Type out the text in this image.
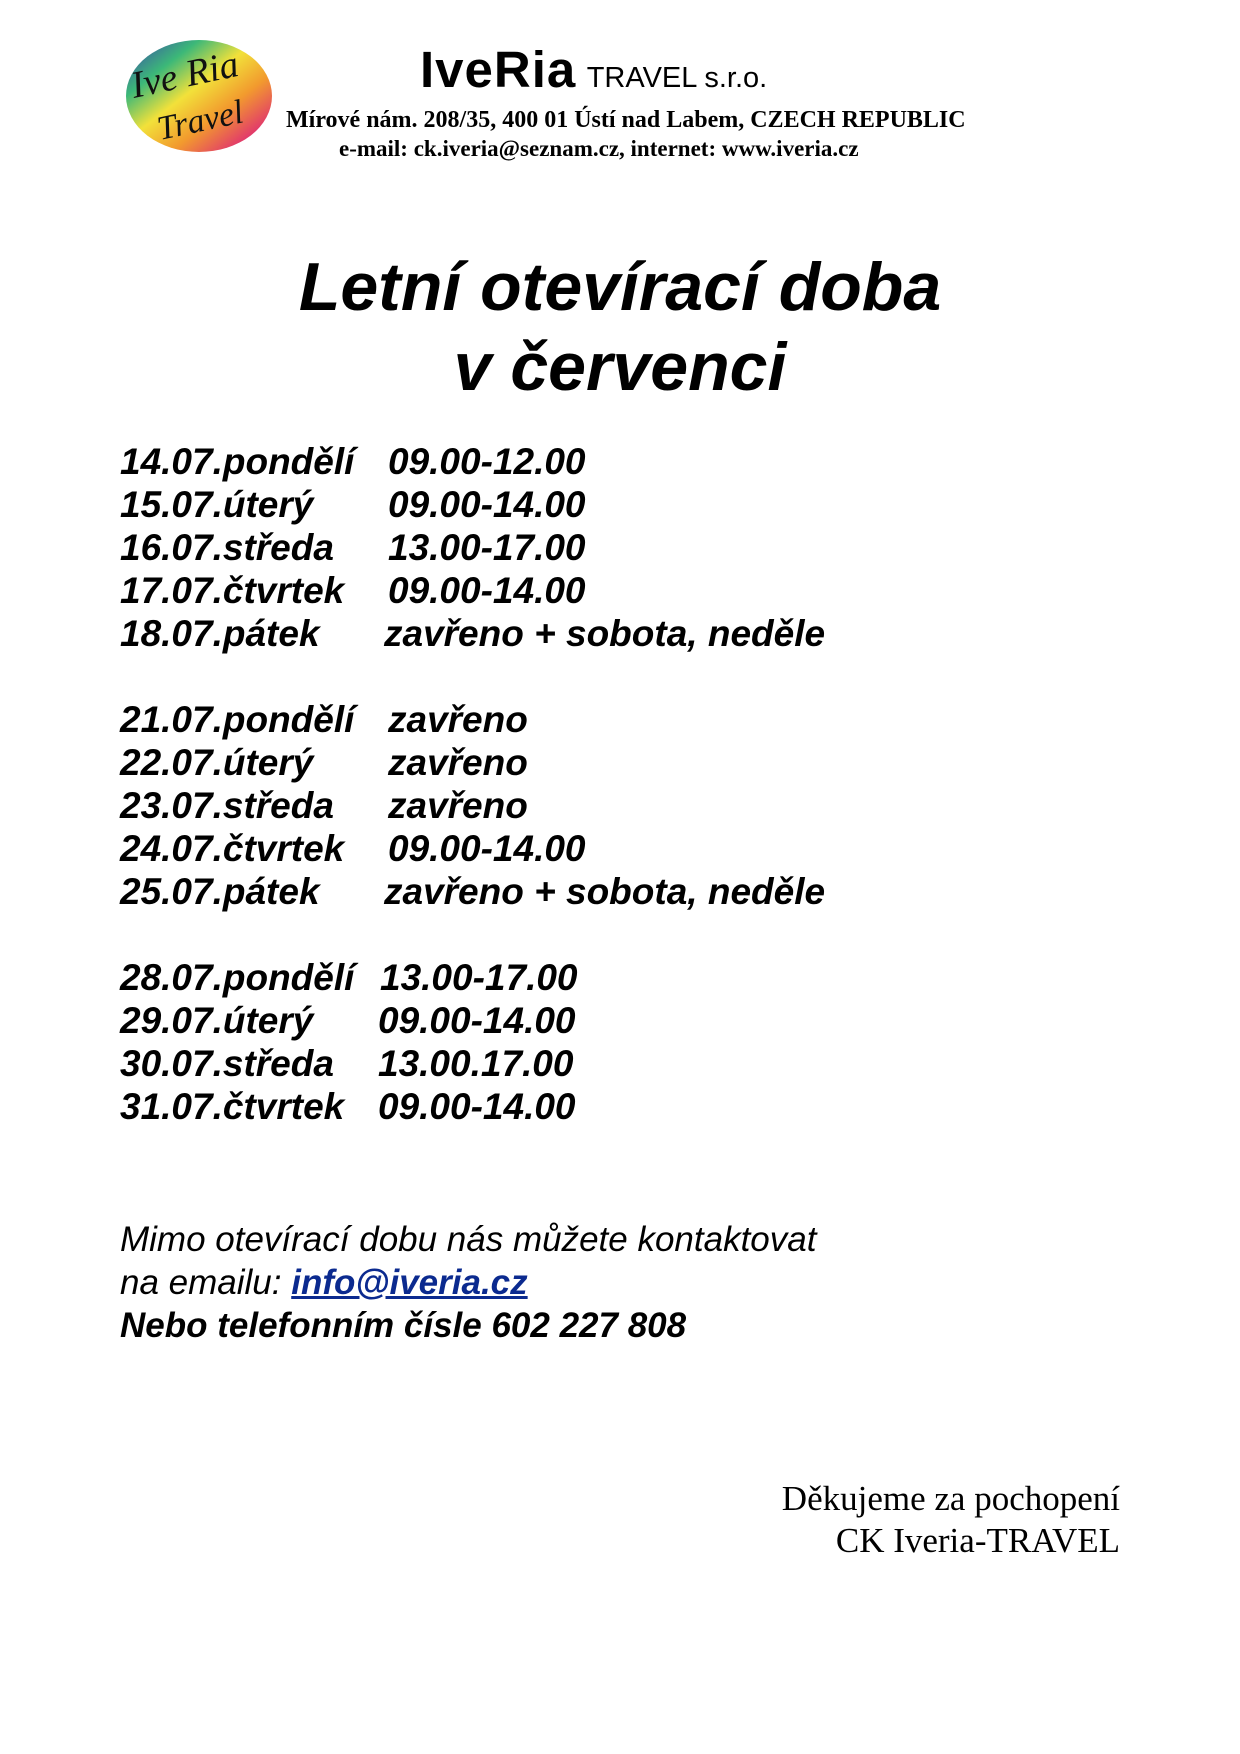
Ive Ria
Travel
IveRia TRAVEL s.r.o.
Mírové nám. 208/35, 400 01 Ústí nad Labem, CZECH REPUBLIC
e-mail: ck.iveria@seznam.cz, internet: www.iveria.cz
Letní otevírací doba
v červenci
14.07.pondělí 09.00-12.00
15.07.úterý 09.00-14.00
16.07.středa 13.00-17.00
17.07.čtvrtek 09.00-14.00
18.07.pátek zavřeno + sobota, neděle
21.07.pondělí zavřeno
22.07.úterý zavřeno
23.07.středa zavřeno
24.07.čtvrtek 09.00-14.00
25.07.pátek zavřeno + sobota, neděle
28.07.pondělí 13.00-17.00
29.07.úterý 09.00-14.00
30.07.středa 13.00.17.00
31.07.čtvrtek 09.00-14.00
Mimo otevírací dobu nás můžete kontaktovat
na emailu: info@iveria.cz
Nebo telefonním čísle 602 227 808
Děkujeme za pochopení
CK Iveria-TRAVEL
